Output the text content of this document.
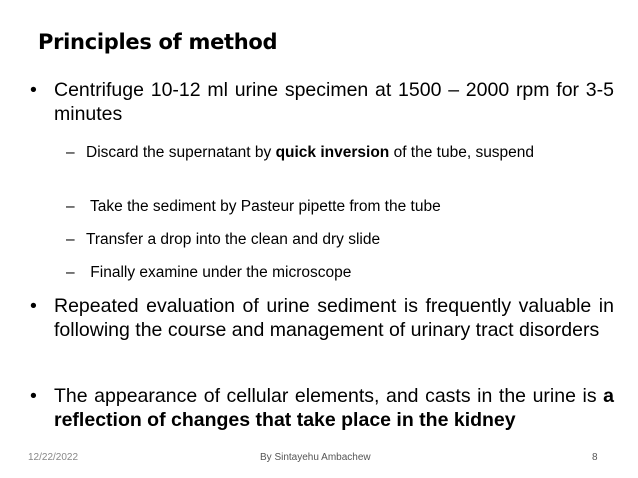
Principles of method
• Centrifuge 10-12 ml urine specimen at 1500 – 2000 rpm for 3-5 minutes
– Discard the supernatant by quick inversion of the tube, suspend
– Take the sediment by Pasteur pipette from the tube
– Transfer a drop into the clean and dry slide
– Finally examine under the microscope
• Repeated evaluation of urine sediment is frequently valuable in following the course and management of urinary tract disorders
• The appearance of cellular elements, and casts in the urine is a reflection of changes that take place in the kidney
12/22/2022	By Sintayehu Ambachew	8
